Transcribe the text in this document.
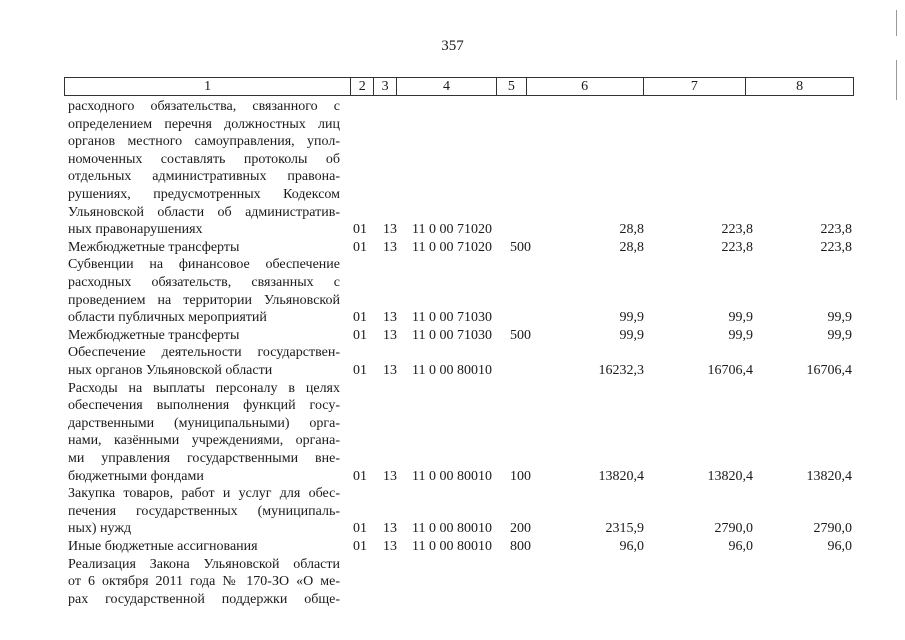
357
1	2	3	4	5	6	7	8
расходного обязательства, связанного с
определением перечня должностных лиц
органов местного самоуправления, упол-
номоченных составлять протоколы об
отдельных административных правона-
рушениях, предусмотренных Кодексом
Ульяновской области об административ-
ных правонарушениях	01 13 11 0 00 71020	28,8	223,8	223,8
Межбюджетные трансферты	01 13 11 0 00 71020 500	28,8	223,8	223,8
Субвенции на финансовое обеспечение
расходных обязательств, связанных с
проведением на территории Ульяновской
области публичных мероприятий	01 13 11 0 00 71030	99,9	99,9	99,9
Межбюджетные трансферты	01 13 11 0 00 71030 500	99,9	99,9	99,9
Обеспечение деятельности государствен-
ных органов Ульяновской области	01 13 11 0 00 80010	16232,3	16706,4	16706,4
Расходы на выплаты персоналу в целях
обеспечения выполнения функций госу-
дарственными (муниципальными) орга-
нами, казёнными учреждениями, органа-
ми управления государственными вне-
бюджетными фондами	01 13 11 0 00 80010 100	13820,4	13820,4	13820,4
Закупка товаров, работ и услуг для обес-
печения государственных (муниципаль-
ных) нужд	01 13 11 0 00 80010 200	2315,9	2790,0	2790,0
Иные бюджетные ассигнования	01 13 11 0 00 80010 800	96,0	96,0	96,0
Реализация Закона Ульяновской области
от 6 октября 2011 года № 170-ЗО «О ме-
рах государственной поддержки обще-
